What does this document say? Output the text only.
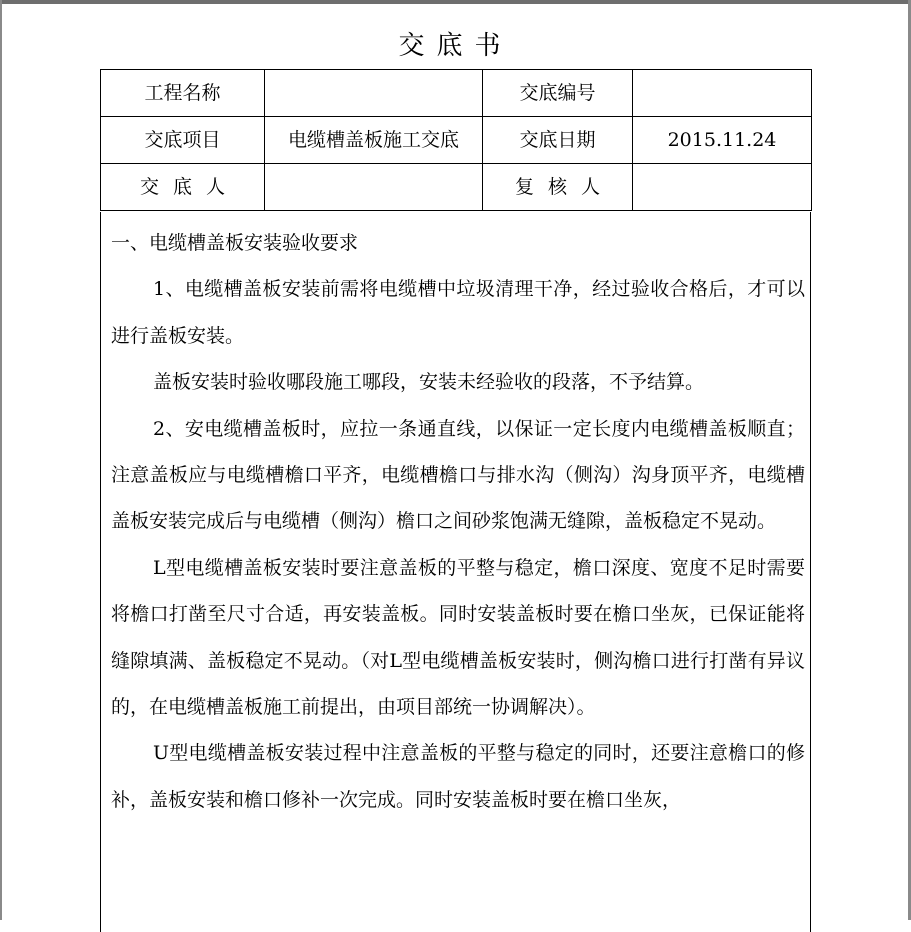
交底书
工程名称		交底编号	
交底项目	电缆槽盖板施工交底	交底日期	2015.11.24
交底人		复核人	

一、电缆槽盖板安装验收要求

1、电缆槽盖板安装前需将电缆槽中垃圾清理干净，经过验收合格后，才可以进行盖板安装。

盖板安装时验收哪段施工哪段，安装未经验收的段落，不予结算。

2、安电缆槽盖板时，应拉一条通直线，以保证一定长度内电缆槽盖板顺直；注意盖板应与电缆槽檐口平齐，电缆槽檐口与排水沟（侧沟）沟身顶平齐，电缆槽盖板安装完成后与电缆槽（侧沟）檐口之间砂浆饱满无缝隙，盖板稳定不晃动。

L型电缆槽盖板安装时要注意盖板的平整与稳定，檐口深度、宽度不足时需要将檐口打凿至尺寸合适，再安装盖板。同时安装盖板时要在檐口坐灰，已保证能将缝隙填满、盖板稳定不晃动。（对L型电缆槽盖板安装时，侧沟檐口进行打凿有异议的，在电缆槽盖板施工前提出，由项目部统一协调解决）。

U型电缆槽盖板安装过程中注意盖板的平整与稳定的同时，还要注意檐口的修补，盖板安装和檐口修补一次完成。同时安装盖板时要在檐口坐灰，
